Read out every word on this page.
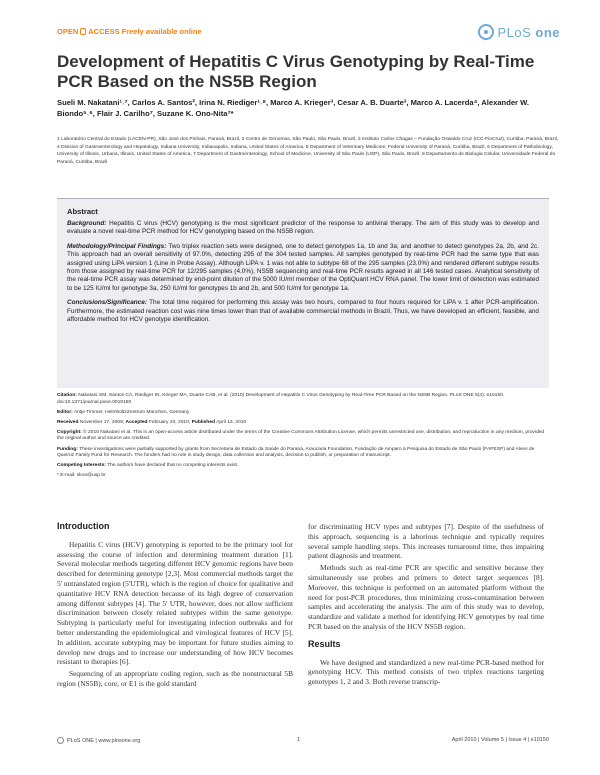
OPEN ACCESS Freely available online	PLoS one
Development of Hepatitis C Virus Genotyping by Real-Time PCR Based on the NS5B Region
Sueli M. Nakatani¹˒⁷, Carlos A. Santos², Irina N. Riediger¹˒⁸, Marco A. Krieger³, Cesar A. B. Duarte³, Marco A. Lacerda⁴, Alexander W. Biondo⁵˒⁶, Flair J. Carilho⁷, Suzane K. Ono-Nita⁷*
1 Laboratório Central do Estado (LACEN-PR), São José dos Pinhais, Paraná, Brazil, 2 Centro de Genomas, São Paulo, São Paulo, Brazil, 3 Instituto Carlos Chagas – Fundação Oswaldo Cruz (ICC-FioCruz), Curitiba, Paraná, Brazil, 4 Division of Gastroenterology and Hepatology, Indiana University, Indianapolis, Indiana, United States of America, 5 Department of Veterinary Medicine, Federal University of Paraná, Curitiba, Brazil, 6 Department of Pathobiology, University of Illinois, Urbana, Illinois, United States of America, 7 Department of Gastroenterology, School of Medicine, University of São Paulo (USP), São Paulo, Brazil, 8 Departamento de Biologia Celular, Universidade Federal do Paraná, Curitiba, Brazil
Abstract

Background: Hepatitis C virus (HCV) genotyping is the most significant predictor of the response to antiviral therapy. The aim of this study was to develop and evaluate a novel real-time PCR method for HCV genotyping based on the NS5B region.

Methodology/Principal Findings: Two triplex reaction sets were designed, one to detect genotypes 1a, 1b and 3a; and another to detect genotypes 2a, 2b, and 2c. This approach had an overall sensitivity of 97.0%, detecting 295 of the 304 tested samples. All samples genotyped by real-time PCR had the same type that was assigned using LiPA version 1 (Line in Probe Assay). Although LiPA v. 1 was not able to subtype 68 of the 295 samples (23.0%) and rendered different subtype results from those assigned by real-time PCR for 12/295 samples (4.0%), NS5B sequencing and real-time PCR results agreed in all 146 tested cases. Analytical sensitivity of the real-time PCR assay was determined by end-point dilution of the 5000 IU/ml member of the OptiQuant HCV RNA panel. The lower limit of detection was estimated to be 125 IU/ml for genotype 3a, 250 IU/ml for genotypes 1b and 2b, and 500 IU/ml for genotype 1a.

Conclusions/Significance: The total time required for performing this assay was two hours, compared to four hours required for LiPA v. 1 after PCR-amplification. Furthermore, the estimated reaction cost was nine times lower than that of available commercial methods in Brazil. Thus, we have developed an efficient, feasible, and affordable method for HCV genotype identification.

Citation: Nakatani SM, Santos CA, Riediger IN, Krieger MA, Duarte CAB, et al. (2010) Development of Hepatitis C Virus Genotyping by Real-Time PCR Based on the NS5B Region. PLoS ONE 5(4): e10150. doi:10.1371/journal.pone.0010150

Editor: Antje Timmer, HelmholtzZentrum München, Germany

Received November 17, 2009; Accepted February 23, 2010; Published April 13, 2010

Copyright: © 2010 Nakatani et al. This is an open-access article distributed under the terms of the Creative Commons Attribution License, which permits unrestricted use, distribution, and reproduction in any medium, provided the original author and source are credited.

Funding: These investigations were partially supported by grants from Secretaria de Estado da Saúde do Paraná, Araucaria Foundation, Fundação de Amparo à Pesquisa do Estado de São Paulo (FAPESP) and Alves de Queiroz Family Fund for Research. The funders had no role in study design, data collection and analysis, decision to publish, or preparation of manuscript.

Competing Interests: The authors have declared that no competing interests exist.

* E-mail: skon@usp.br

Introduction

Hepatitis C virus (HCV) genotyping is reported to be the primary tool for assessing the course of infection and determining treatment duration [1]. Several molecular methods targeting different HCV genomic regions have been described for determining genotype [2,3]. Most commercial methods target the 5' untranslated region (5'UTR), which is the region of choice for qualitative and quantitative HCV RNA detection because of its high degree of conservation among different subtypes [4]. The 5' UTR, however, does not allow sufficient discrimination between closely related subtypes within the same genotype. Subtyping is particularly useful for investigating infection outbreaks and for better understanding the epidemiological and virological features of HCV [5]. In addition, accurate subtyping may be important for future studies aiming to develop new drugs and to increase our understanding of how HCV becomes resistant to therapies [6].

Sequencing of an appropriate coding region, such as the nonstructural 5B region (NS5B), core, or E1 is the gold standard

for discriminating HCV types and subtypes [7]. Despite of the usefulness of this approach, sequencing is a laborious technique and typically requires several sample handling steps. This increases turnaround time, thus impairing patient diagnosis and treatment.

Methods such as real-time PCR are specific and sensitive because they simultaneously use probes and primers to detect target sequences [8]. Moreover, this technique is performed on an automated platform without the need for post-PCR procedures, thus minimizing cross-contamination between samples and accelerating the analysis. The aim of this study was to develop, standardize and validate a method for identifying HCV genotypes by real time PCR based on the analysis of the HCV NS5B region.

Results

We have designed and standardized a new real-time PCR-based method for genotyping HCV. This method consists of two triplex reactions targeting genotypes 1, 2 and 3. Both reverse transcrip-

PLoS ONE | www.plosone.org	1	April 2010 | Volume 5 | Issue 4 | e10150
